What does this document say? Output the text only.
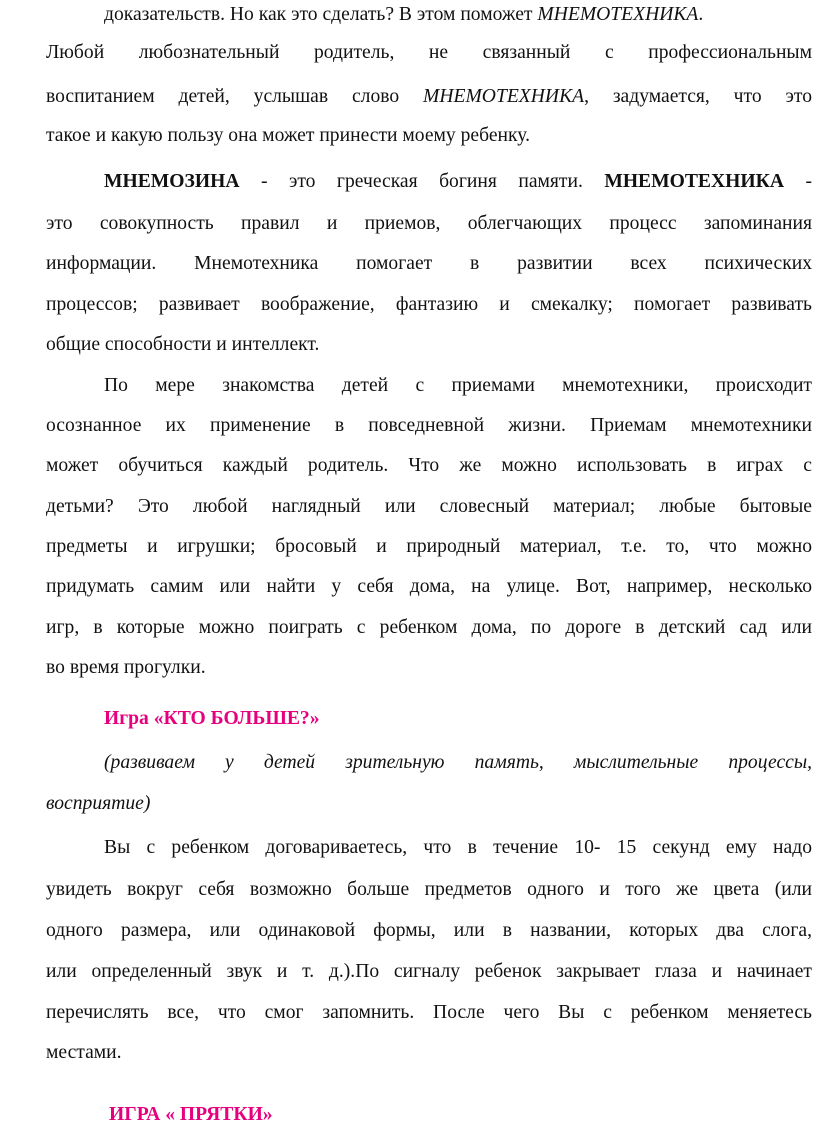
доказательств. Но как это сделать? В этом поможет МНЕМОТЕХНИКА.
Любой любознательный родитель, не связанный с профессиональным
воспитанием детей, услышав слово МНЕМОТЕХНИКА, задумается, что это
такое и какую пользу она может принести моему ребенку.
МНЕМОЗИНА - это греческая богиня памяти. МНЕМОТЕХНИКА -
это совокупность правил и приемов, облегчающих процесс запоминания
информации. Мнемотехника помогает в развитии всех психических
процессов; развивает воображение, фантазию и смекалку; помогает развивать
общие способности и интеллект.
По мере знакомства детей с приемами мнемотехники, происходит
осознанное их применение в повседневной жизни. Приемам мнемотехники
может обучиться каждый родитель. Что же можно использовать в играх с
детьми? Это любой наглядный или словесный материал; любые бытовые
предметы и игрушки; бросовый и природный материал, т.е. то, что можно
придумать самим или найти у себя дома, на улице. Вот, например, несколько
игр, в которые можно поиграть с ребенком дома, по дороге в детский сад или
во время прогулки.
Игра «КТО БОЛЬШЕ?»
(развиваем у детей зрительную память, мыслительные процессы,
восприятие)
Вы с ребенком договариваетесь, что в течение 10- 15 секунд ему надо
увидеть вокруг себя возможно больше предметов одного и того же цвета (или
одного размера, или одинаковой формы, или в названии, которых два слога,
или определенный звук и т. д.).По сигналу ребенок закрывает глаза и начинает
перечислять все, что смог запомнить. После чего Вы с ребенком меняетесь
местами.
ИГРА « ПРЯТКИ»
